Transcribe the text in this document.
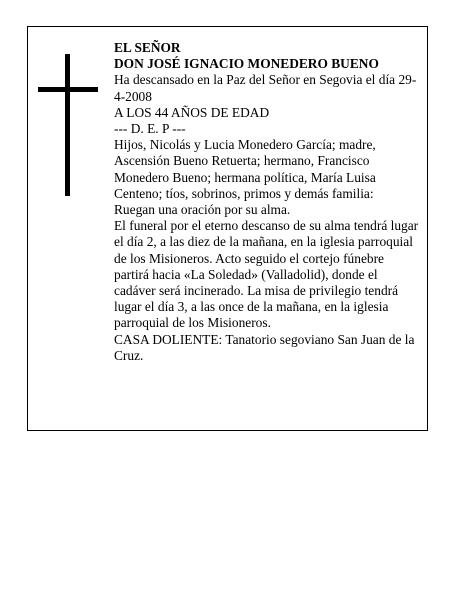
EL SEÑOR

DON JOSÉ IGNACIO MONEDERO BUENO

Ha descansado en la Paz del Señor en Segovia el día 29-4-2008

A LOS 44 AÑOS DE EDAD

--- D. E. P ---

Hijos, Nicolás y Lucia Monedero García; madre, Ascensión Bueno Retuerta; hermano, Francisco Monedero Bueno; hermana política, María Luisa Centeno; tíos, sobrinos, primos y demás familia:

Ruegan una oración por su alma.

El funeral por el eterno descanso de su alma tendrá lugar el día 2, a las diez de la mañana, en la iglesia parroquial de los Misioneros. Acto seguido el cortejo fúnebre partirá hacia «La Soledad» (Valladolid), donde el cadáver será incinerado. La misa de privilegio tendrá lugar el día 3, a las once de la mañana, en la iglesia parroquial de los Misioneros.

CASA DOLIENTE: Tanatorio segoviano San Juan de la Cruz.
